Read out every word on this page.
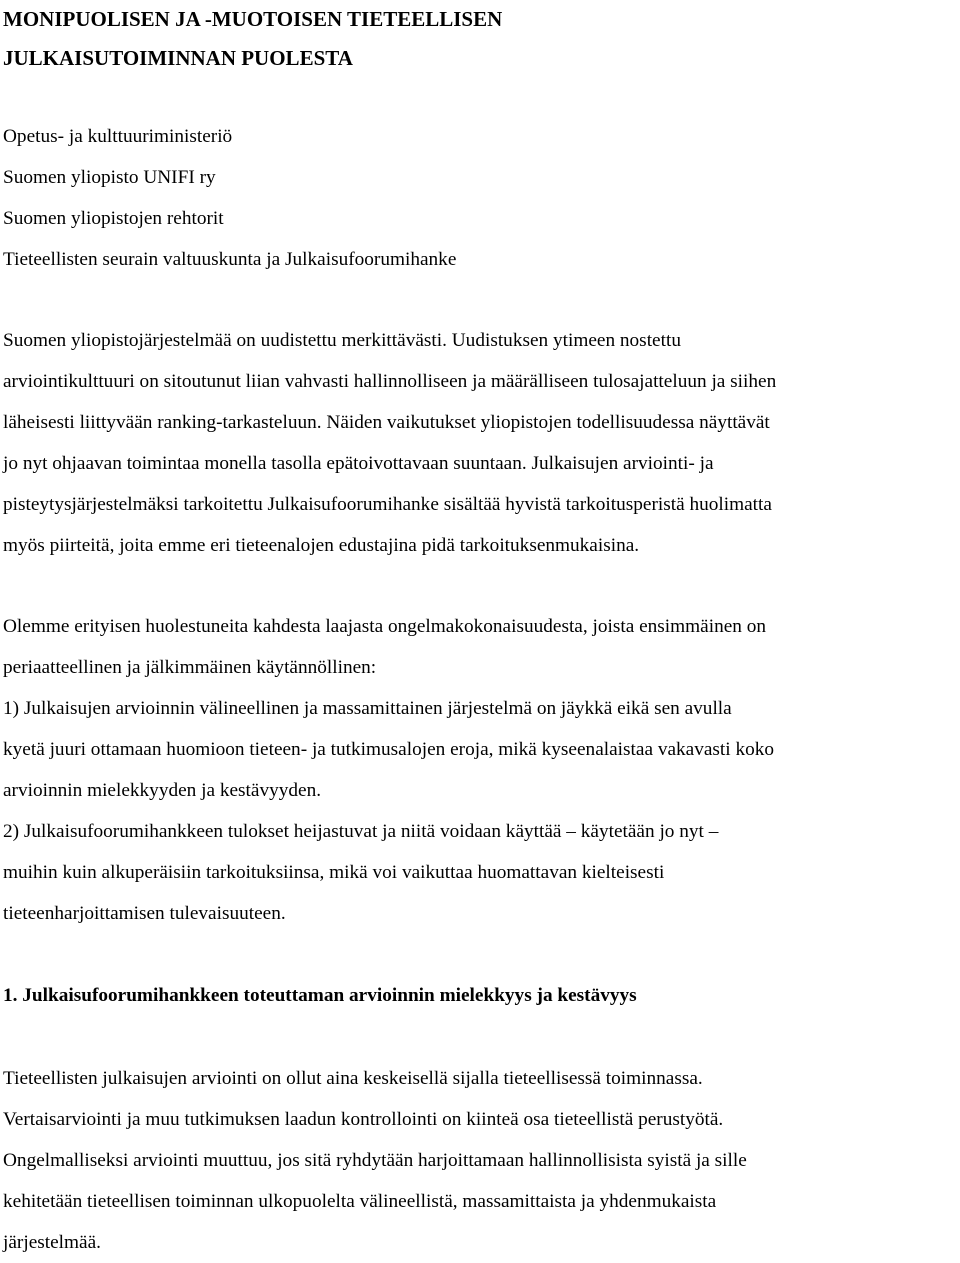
MONIPUOLISEN JA -MUOTOISEN TIETEELLISEN
JULKAISUTOIMINNAN PUOLESTA
Opetus- ja kulttuuriministeriö
Suomen yliopisto UNIFI ry
Suomen yliopistojen rehtorit
Tieteellisten seurain valtuuskunta ja Julkaisufoorumihanke

Suomen yliopistojärjestelmää on uudistettu merkittävästi. Uudistuksen ytimeen nostettu
arviointikulttuuri on sitoutunut liian vahvasti hallinnolliseen ja määrälliseen tulosajatteluun ja siihen
läheisesti liittyvään ranking-tarkasteluun. Näiden vaikutukset yliopistojen todellisuudessa näyttävät
jo nyt ohjaavan toimintaa monella tasolla epätoivottavaan suuntaan. Julkaisujen arviointi- ja
pisteytysjärjestelmäksi tarkoitettu Julkaisufoorumihanke sisältää hyvistä tarkoitusperistä huolimatta
myös piirteitä, joita emme eri tieteenalojen edustajina pidä tarkoituksenmukaisina.

Olemme erityisen huolestuneita kahdesta laajasta ongelmakokonaisuudesta, joista ensimmäinen on
periaatteellinen ja jälkimmäinen käytännöllinen:
1) Julkaisujen arvioinnin välineellinen ja massamittainen järjestelmä on jäykkä eikä sen avulla
kyetä juuri ottamaan huomioon tieteen- ja tutkimusalojen eroja, mikä kyseenalaistaa vakavasti koko
arvioinnin mielekkyyden ja kestävyyden.
2) Julkaisufoorumihankkeen tulokset heijastuvat ja niitä voidaan käyttää – käytetään jo nyt –
muihin kuin alkuperäisiin tarkoituksiinsa, mikä voi vaikuttaa huomattavan kielteisesti
tieteenharjoittamisen tulevaisuuteen.

1. Julkaisufoorumihankkeen toteuttaman arvioinnin mielekkyys ja kestävyys

Tieteellisten julkaisujen arviointi on ollut aina keskeisellä sijalla tieteellisessä toiminnassa.
Vertaisarviointi ja muu tutkimuksen laadun kontrollointi on kiinteä osa tieteellistä perustyötä.
Ongelmalliseksi arviointi muuttuu, jos sitä ryhdytään harjoittamaan hallinnollisista syistä ja sille
kehitetään tieteellisen toiminnan ulkopuolelta välineellistä, massamittaista ja yhdenmukaista
järjestelmää.
